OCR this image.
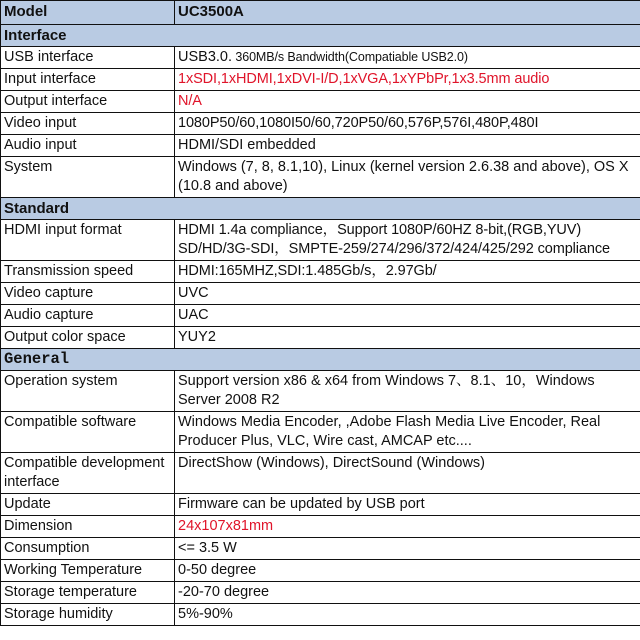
Model	UC3500A
Interface	
USB interface	USB3.0. 360MB/s Bandwidth(Compatiable USB2.0)
Input interface	1xSDI,1xHDMI,1xDVI-I/D,1xVGA,1xYPbPr,1x3.5mm audio
Output interface	N/A
Video input	1080P50/60,1080I50/60,720P50/60,576P,576I,480P,480I
Audio input	HDMI/SDI embedded
System	Windows (7, 8, 8.1,10), Linux (kernel version 2.6.38 and above), OS X (10.8 and above)
Standard	
HDMI input format	HDMI 1.4a compliance，Support 1080P/60HZ 8-bit,(RGB,YUV)
SD/HD/3G-SDI，SMPTE-259/274/296/372/424/425/292 compliance

Transmission speed	HDMI:165MHZ,SDI:1.485Gb/s，2.97Gb/
Video capture	UVC
Audio capture	UAC
Output color space	YUY2
General	
Operation system	Support version x86 & x64 from Windows 7、8.1、10，Windows Server 2008 R2
Compatible software	Windows Media Encoder, ,Adobe Flash Media Live Encoder, Real Producer Plus, VLC, Wire cast, AMCAP etc....
Compatible development interface	DirectShow (Windows), DirectSound (Windows)
Update	Firmware can be updated by USB port
Dimension	24x107x81mm
Consumption	<= 3.5 W
Working Temperature	0-50 degree
Storage temperature	-20-70 degree
Storage humidity	5%-90%
